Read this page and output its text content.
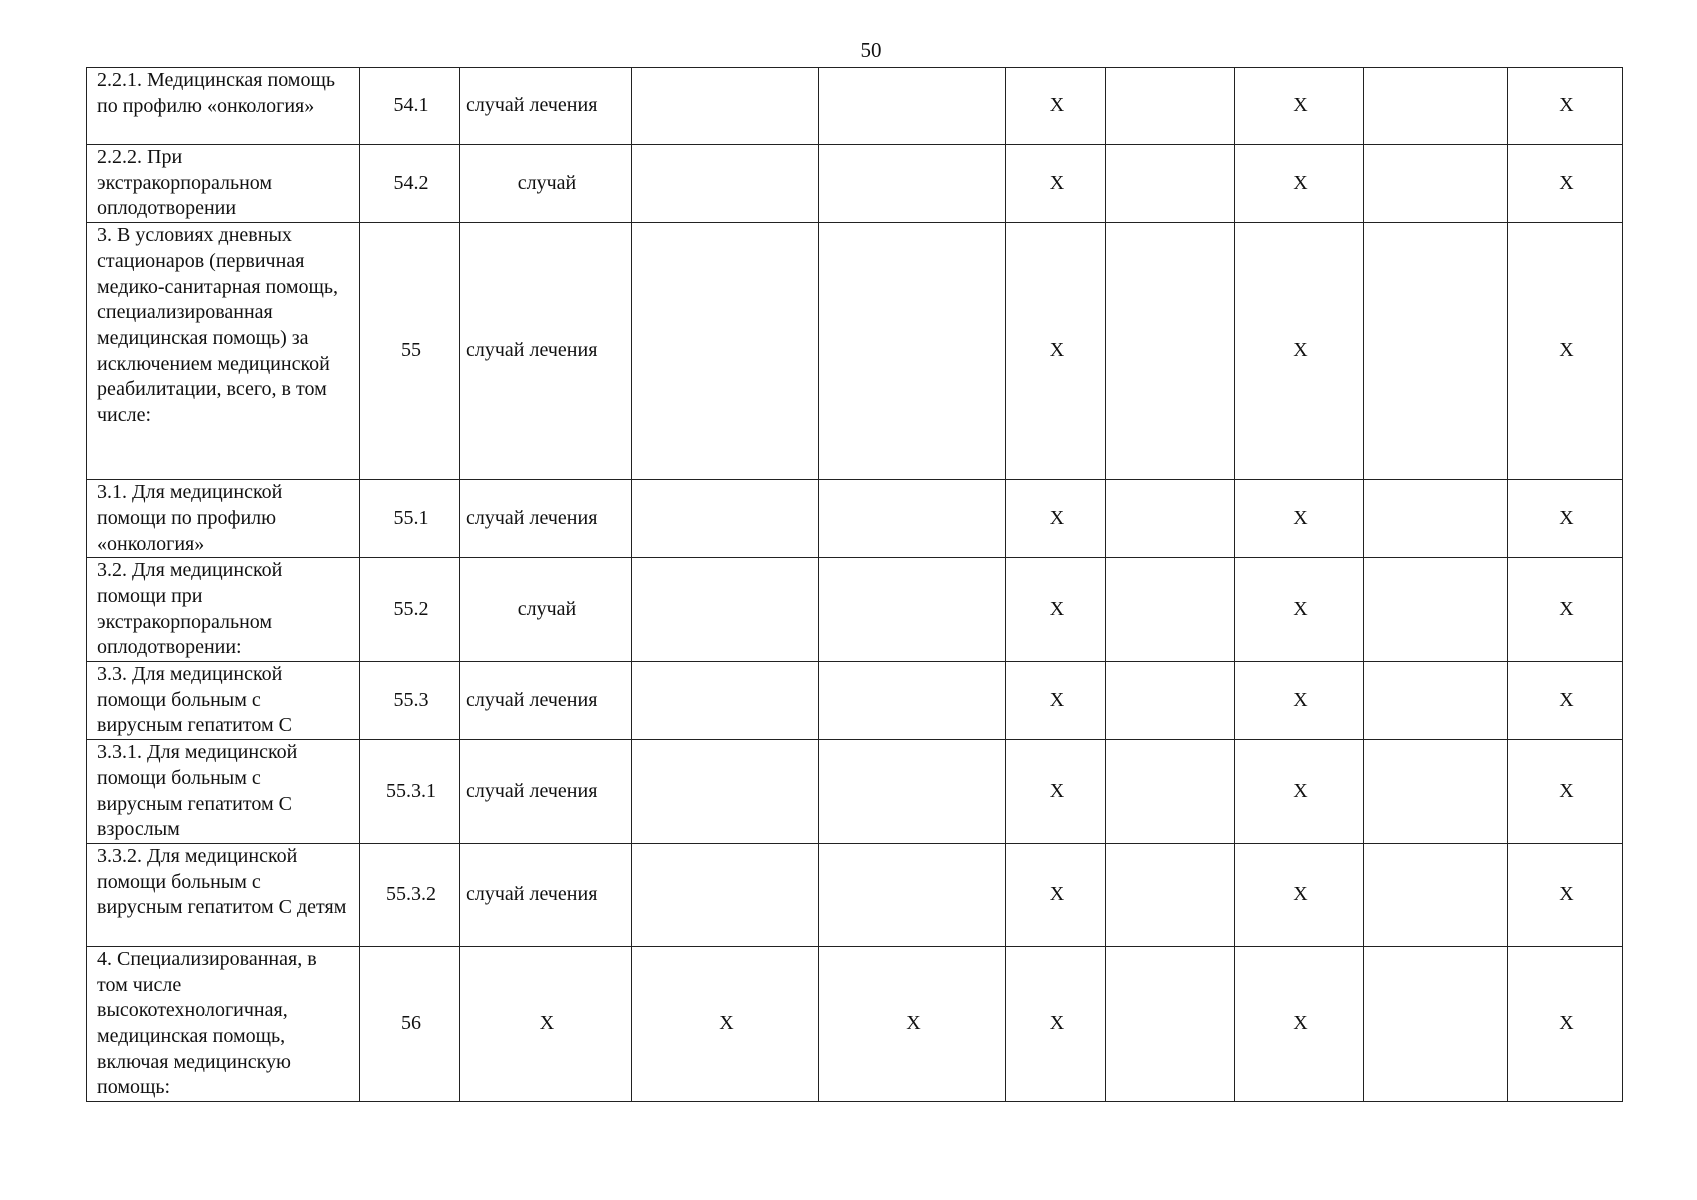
50
2.2.1. Медицинская помощь по профилю «онкология»	54.1	случай лечения			X		X		X
2.2.2. При экстракорпоральном оплодотворении	54.2	случай			X		X		X
3. В условиях дневных стационаров (первичная медико-санитарная помощь, специализированная медицинская помощь) за исключением медицинской реабилитации, всего, в том числе:	55	случай лечения			X		X		X
3.1. Для медицинской помощи по профилю «онкология»	55.1	случай лечения			X		X		X
3.2. Для медицинской помощи при экстракорпоральном оплодотворении:	55.2	случай			X		X		X
3.3. Для медицинской помощи больным с вирусным гепатитом С	55.3	случай лечения			X		X		X
3.3.1. Для медицинской помощи больным с вирусным гепатитом С взрослым	55.3.1	случай лечения			X		X		X
3.3.2. Для медицинской помощи больным с вирусным гепатитом С детям	55.3.2	случай лечения			X		X		X
4. Специализированная, в том числе высокотехнологичная, медицинская помощь, включая медицинскую помощь:	56	X	X	X	X		X		X
